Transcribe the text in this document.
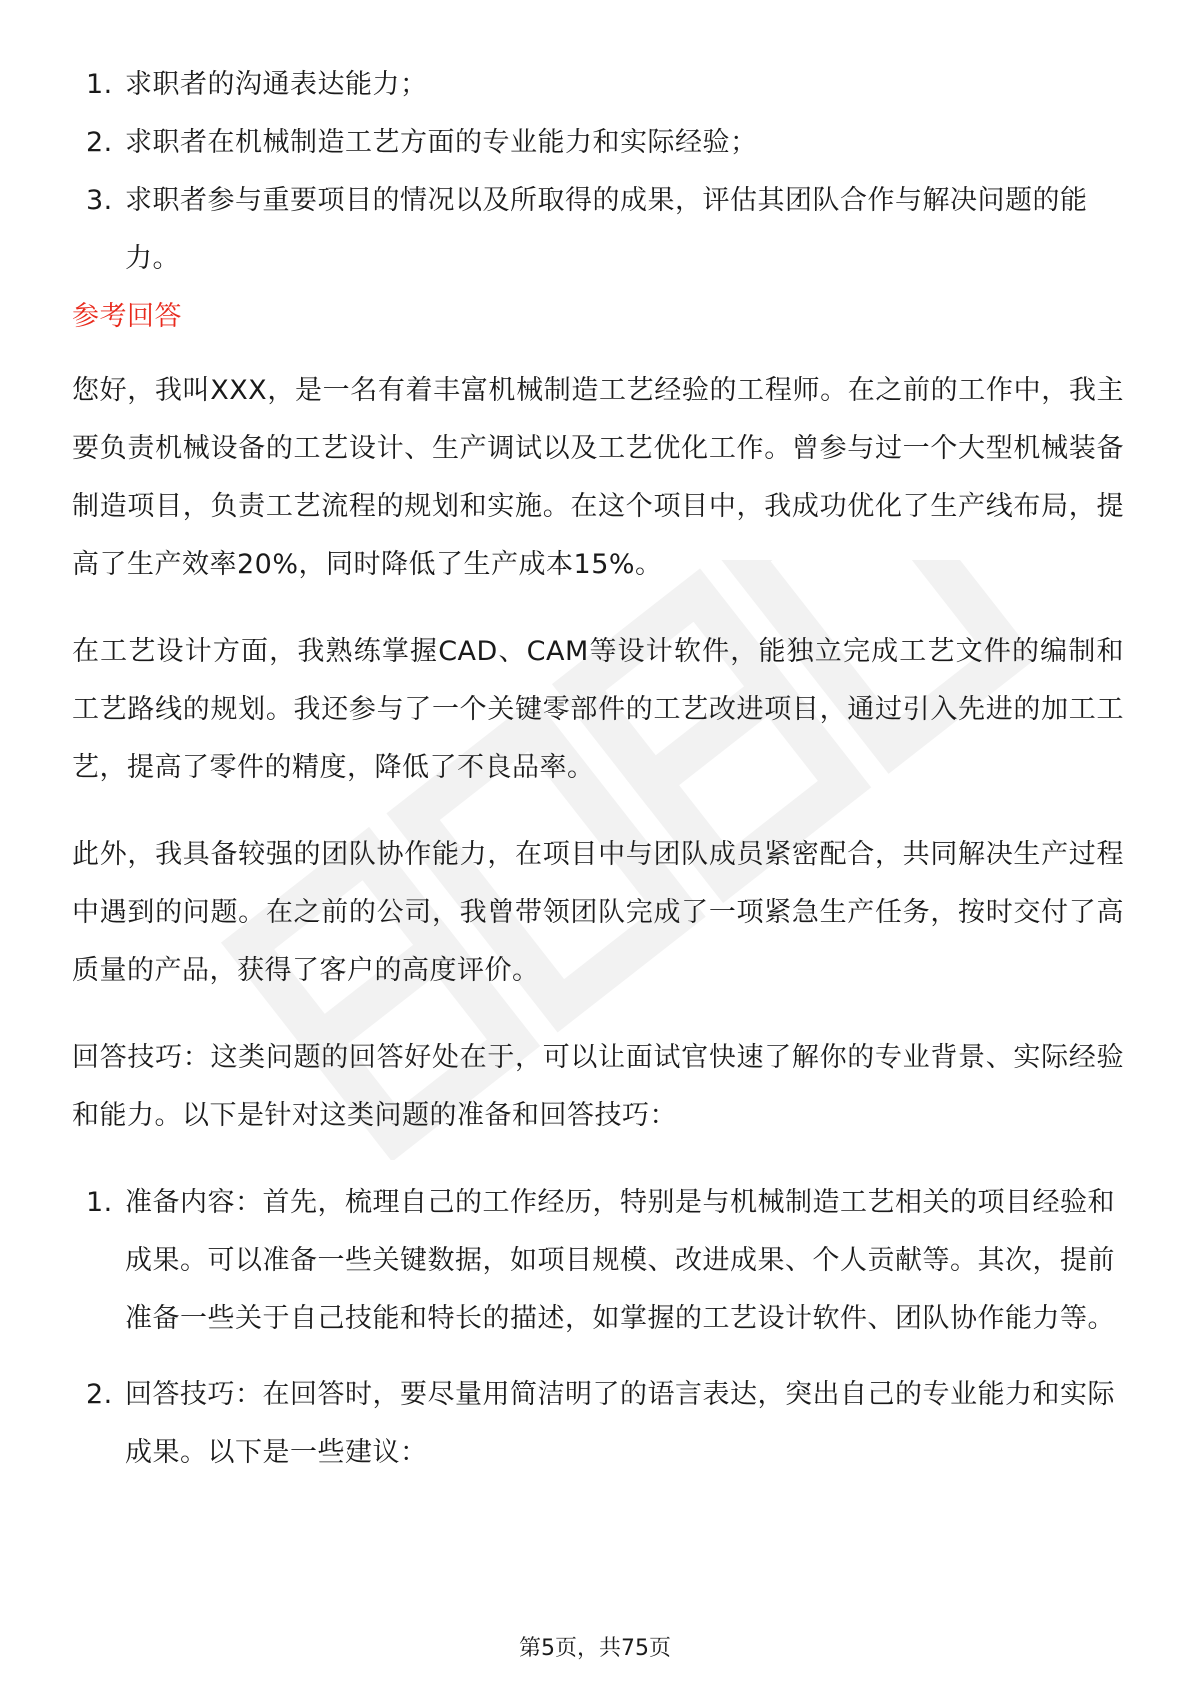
1. 求职者的沟通表达能力；
2. 求职者在机械制造工艺方面的专业能力和实际经验；
3. 求职者参与重要项目的情况以及所取得的成果，评估其团队合作与解决问题的能力。
参考回答

您好，我叫XXX，是一名有着丰富机械制造工艺经验的工程师。在之前的工作中，我主要负责机械设备的工艺设计、生产调试以及工艺优化工作。曾参与过一个大型机械装备制造项目，负责工艺流程的规划和实施。在这个项目中，我成功优化了生产线布局，提高了生产效率20%，同时降低了生产成本15%。

在工艺设计方面，我熟练掌握CAD、CAM等设计软件，能独立完成工艺文件的编制和工艺路线的规划。我还参与了一个关键零部件的工艺改进项目，通过引入先进的加工工艺，提高了零件的精度，降低了不良品率。

此外，我具备较强的团队协作能力，在项目中与团队成员紧密配合，共同解决生产过程中遇到的问题。在之前的公司，我曾带领团队完成了一项紧急生产任务，按时交付了高质量的产品，获得了客户的高度评价。

回答技巧：这类问题的回答好处在于，可以让面试官快速了解你的专业背景、实际经验和能力。以下是针对这类问题的准备和回答技巧：

1. 准备内容：首先，梳理自己的工作经历，特别是与机械制造工艺相关的项目经验和成果。可以准备一些关键数据，如项目规模、改进成果、个人贡献等。其次，提前准备一些关于自己技能和特长的描述，如掌握的工艺设计软件、团队协作能力等。
2. 回答技巧：在回答时，要尽量用简洁明了的语言表达，突出自己的专业能力和实际成果。以下是一些建议：
第5页，共75页
